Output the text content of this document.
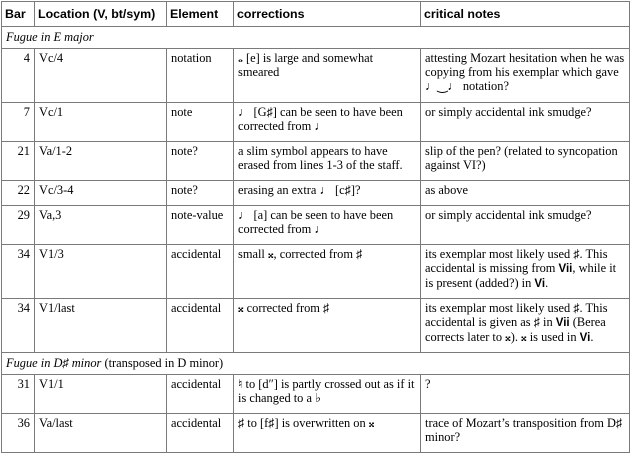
Bar	Location (V, bt/sym)	Element	corrections	critical notes
Fugue in E major				
4	Vc/4	notation	𝅝 [e] is large and somewhat smeared	attesting Mozart hesitation when he was copying from his exemplar which gave ♩‿♩ notation?
7	Vc/1	note	♩ [G♯] can be seen to have been corrected from ♩	or simply accidental ink smudge?
21	Va/1-2	note?	a slim symbol appears to have erased from lines 1-3 of the staff.	slip of the pen? (related to syncopation against VI?)
22	Vc/3-4	note?	erasing an extra ♩ [c♯]?	as above
29	Va,3	note-value	♩ [a] can be seen to have been corrected from ♩	or simply accidental ink smudge?
34	V1/3	accidental	small 𝄪, corrected from ♯	its exemplar most likely used ♯. This accidental is missing from Vii, while it is present (added?) in Vi.
34	V1/last	accidental	𝄪 corrected from ♯	its exemplar most likely used ♯. This accidental is given as ♯ in Vii (Berea corrects later to 𝄪). 𝄪 is used in Vi.
Fugue in D♯ minor (transposed in D minor)				
31	V1/1	accidental	♮ to [d″] is partly crossed out as if it is changed to a ♭	?
36	Va/last	accidental	♯ to [f♯] is overwritten on 𝄪	trace of Mozart’s transposition from D♯ minor?
